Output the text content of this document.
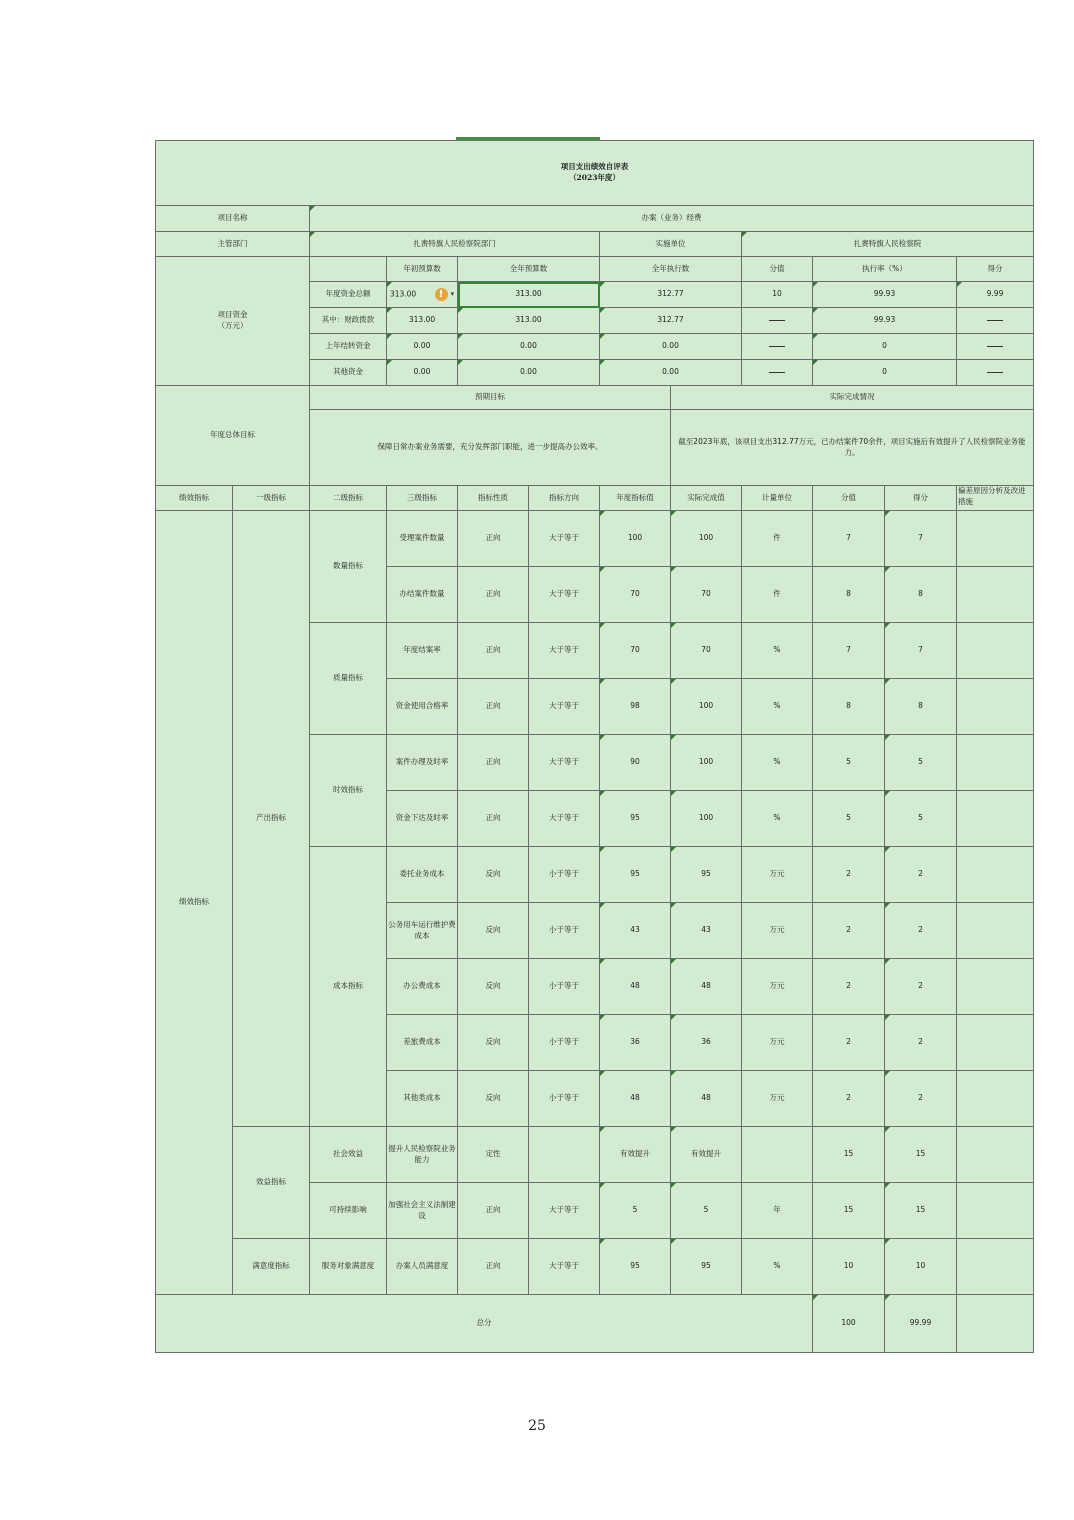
项目支出绩效自评表
（2023年度）											

项目名称		办案（业务）经费									
主管部门		扎赉特旗人民检察院部门				实施单位		扎赉特旗人民检察院			

项目资金
（万元）			年初预算数	全年预算数		全年执行数		分值	执行率（%）		得分
		年度资金总额	313.00 ! ▾	313.00		312.77		10	99.93		9.99
		其中：财政拨款	313.00	313.00		312.77			99.93		
		上年结转资金	0.00	0.00		0.00			0		
		其他资金	0.00	0.00		0.00			0		
年度总体目标		预期目标					实际完成情况				
		保障日常办案业务需要，充分发挥部门职能，进一步提高办公效率。					截至2023年底，该项目支出312.77万元，已办结案件70余件，项目实施后有效提升了人民检察院业务能力。				
绩效指标	一级指标	二级指标	三级指标	指标性质	指标方向	年度指标值	实际完成值	计量单位	分值	得分	偏差原因分析及改进措施
绩效指标	产出指标	数量指标	受理案件数量	正向	大于等于	100	100	件	7	7	
			办结案件数量	正向	大于等于	70	70	件	8	8	
		质量指标	年度结案率	正向	大于等于	70	70	%	7	7	
			资金使用合格率	正向	大于等于	98	100	%	8	8	
		时效指标	案件办理及时率	正向	大于等于	90	100	%	5	5	
			资金下达及时率	正向	大于等于	95	100	%	5	5	
		成本指标	委托业务成本	反向	小于等于	95	95	万元	2	2	
			公务用车运行维护费成本	反向	小于等于	43	43	万元	2	2	
			办公费成本	反向	小于等于	48	48	万元	2	2	
			差旅费成本	反向	小于等于	36	36	万元	2	2	
			其他类成本	反向	小于等于	48	48	万元	2	2	
	效益指标	社会效益	提升人民检察院业务能力	定性		有效提升	有效提升		15	15	
		可持续影响	加强社会主义法制建设	正向	大于等于	5	5	年	15	15	
	满意度指标	服务对象满意度	办案人员满意度	正向	大于等于	95	95	%	10	10	
总分									100	99.99	
25
